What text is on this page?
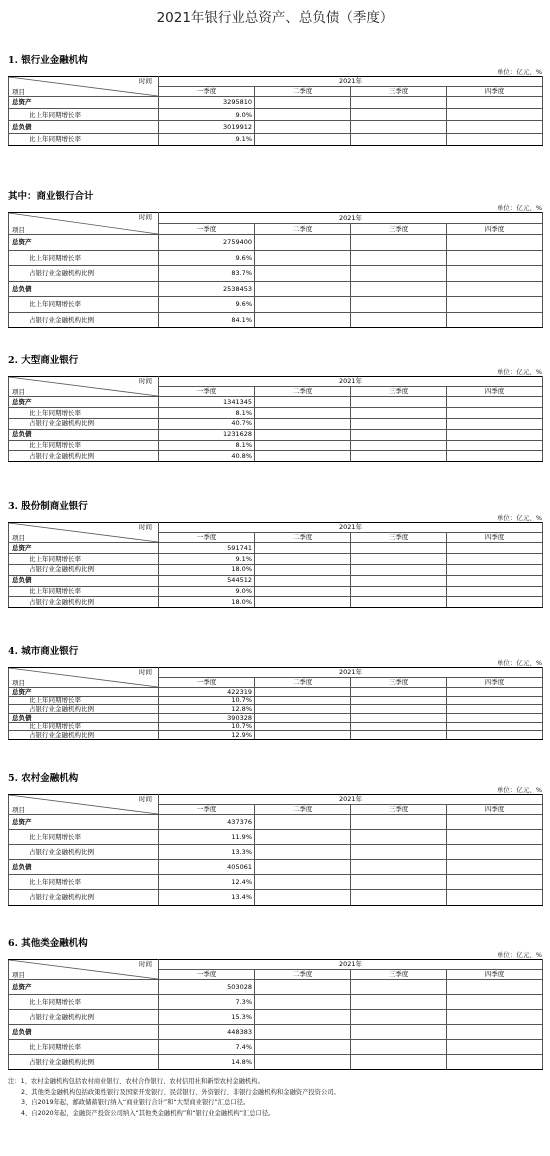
2021年银行业总资产、总负债（季度）
1. 银行业金融机构
单位：亿元、%
时间
项目	2021年			
	一季度	二季度	三季度	四季度
总资产	3295810			
比上年同期增长率	9.0%			
总负债	3019912			
比上年同期增长率	9.1%			
其中：商业银行合计
单位：亿元、%
时间
项目	2021年			
	一季度	二季度	三季度	四季度
总资产	2759400			
比上年同期增长率	9.6%			
占银行业金融机构比例	83.7%			
总负债	2538453			
比上年同期增长率	9.6%			
占银行业金融机构比例	84.1%			
2. 大型商业银行
单位：亿元、%
时间
项目	2021年			
	一季度	二季度	三季度	四季度
总资产	1341345			
比上年同期增长率	8.1%			
占银行业金融机构比例	40.7%			
总负债	1231628			
比上年同期增长率	8.1%			
占银行业金融机构比例	40.8%			
3. 股份制商业银行
单位：亿元、%
时间
项目	2021年			
	一季度	二季度	三季度	四季度
总资产	591741			
比上年同期增长率	9.1%			
占银行业金融机构比例	18.0%			
总负债	544512			
比上年同期增长率	9.0%			
占银行业金融机构比例	18.0%			
4. 城市商业银行
单位：亿元、%
时间
项目	2021年			
	一季度	二季度	三季度	四季度
总资产	422319			
比上年同期增长率	10.7%			
占银行业金融机构比例	12.8%			
总负债	390328			
比上年同期增长率	10.7%			
占银行业金融机构比例	12.9%			
5. 农村金融机构
单位：亿元、%
时间
项目	2021年			
	一季度	二季度	三季度	四季度
总资产	437376			
比上年同期增长率	11.9%			
占银行业金融机构比例	13.3%			
总负债	405061			
比上年同期增长率	12.4%			
占银行业金融机构比例	13.4%			
6. 其他类金融机构
单位：亿元、%
时间
项目	2021年			
	一季度	二季度	三季度	四季度
总资产	503028			
比上年同期增长率	7.3%			
占银行业金融机构比例	15.3%			
总负债	448383			
比上年同期增长率	7.4%			
占银行业金融机构比例	14.8%			
注：1、农村金融机构包括农村商业银行、农村合作银行、农村信用社和新型农村金融机构。
2、其他类金融机构包括政策性银行及国家开发银行、民营银行、外资银行、非银行金融机构和金融资产投资公司。
3、自2019年起，邮政储蓄银行纳入“商业银行合计”和“大型商业银行”汇总口径。
4、自2020年起，金融资产投资公司纳入“其他类金融机构”和“银行业金融机构”汇总口径。
